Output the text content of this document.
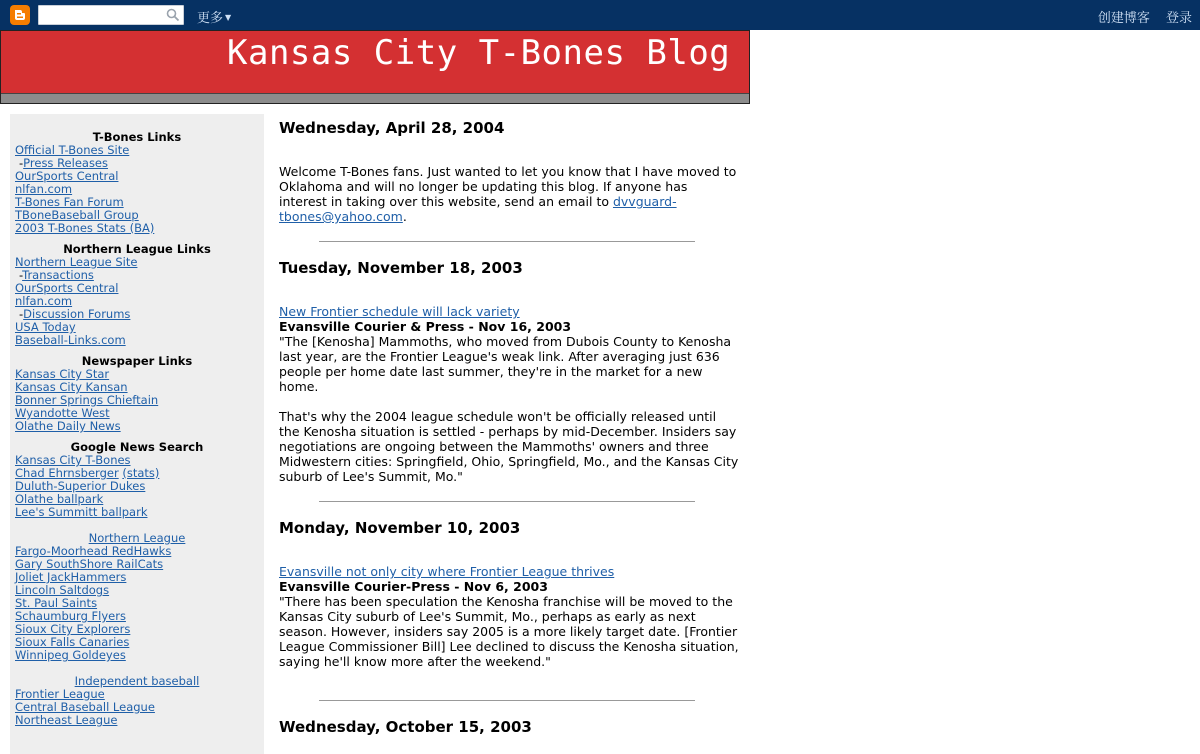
更多 ▼	创建博客 登录
Kansas City T-Bones Blog
T-Bones Links
Official T-Bones Site
-Press Releases
OurSports Central
nlfan.com
T-Bones Fan Forum
TBoneBaseball Group
2003 T-Bones Stats (BA)
Northern League Links
Northern League Site
-Transactions
OurSports Central
nlfan.com
-Discussion Forums
USA Today
Baseball-Links.com
Newspaper Links
Kansas City Star
Kansas City Kansan
Bonner Springs Chieftain
Wyandotte West
Olathe Daily News
Google News Search
Kansas City T-Bones
Chad Ehrnsberger (stats)
Duluth-Superior Dukes
Olathe ballpark
Lee's Summitt ballpark
Northern League
Fargo-Moorhead RedHawks
Gary SouthShore RailCats
Joliet JackHammers
Lincoln Saltdogs
St. Paul Saints
Schaumburg Flyers
Sioux City Explorers
Sioux Falls Canaries
Winnipeg Goldeyes
Independent baseball
Frontier League
Central Baseball League
Northeast League
Wednesday, April 28, 2004
Welcome T-Bones fans. Just wanted to let you know that I have moved to Oklahoma and will no longer be updating this blog. If anyone has interest in taking over this website, send an email to dvvguard-tbones@yahoo.com.
Tuesday, November 18, 2003
New Frontier schedule will lack variety
Evansville Courier & Press - Nov 16, 2003
"The [Kenosha] Mammoths, who moved from Dubois County to Kenosha last year, are the Frontier League's weak link. After averaging just 636 people per home date last summer, they're in the market for a new home.
That's why the 2004 league schedule won't be officially released until the Kenosha situation is settled - perhaps by mid-December. Insiders say negotiations are ongoing between the Mammoths' owners and three Midwestern cities: Springfield, Ohio, Springfield, Mo., and the Kansas City suburb of Lee's Summit, Mo."
Monday, November 10, 2003
Evansville not only city where Frontier League thrives
Evansville Courier-Press - Nov 6, 2003
"There has been speculation the Kenosha franchise will be moved to the Kansas City suburb of Lee's Summit, Mo., perhaps as early as next season. However, insiders say 2005 is a more likely target date. [Frontier League Commissioner Bill] Lee declined to discuss the Kenosha situation, saying he'll know more after the weekend."
Wednesday, October 15, 2003
